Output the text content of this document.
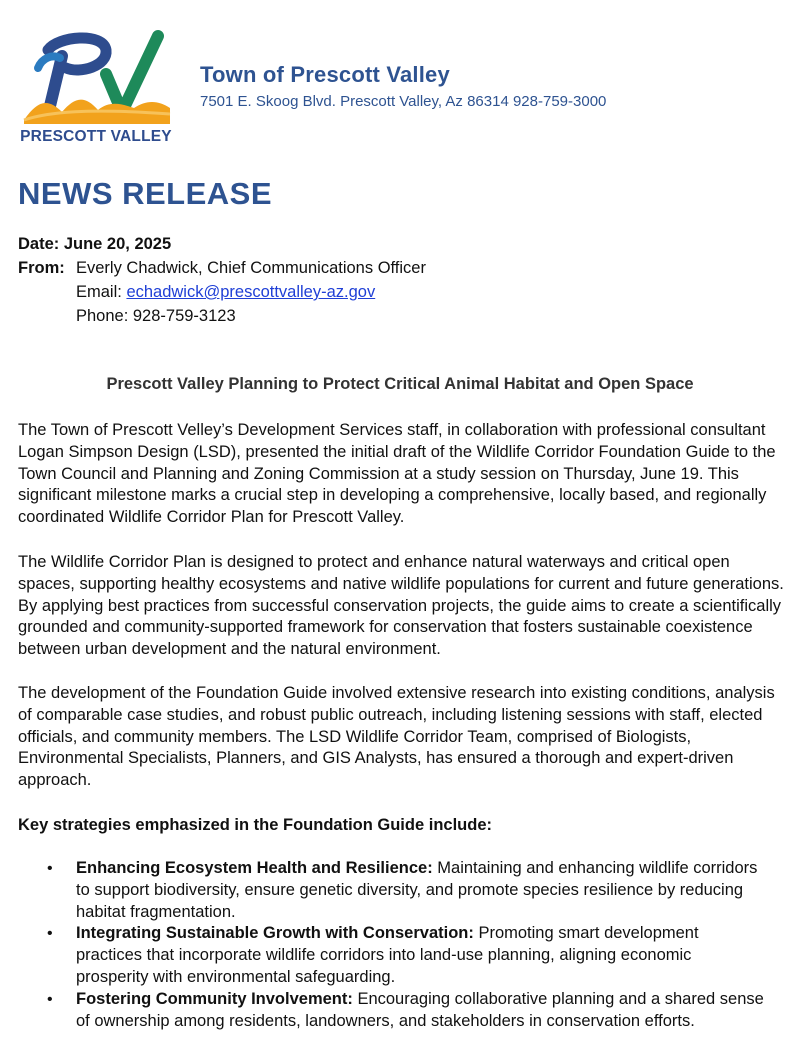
PRESCOTT VALLEY
Town of Prescott Valley
7501 E. Skoog Blvd. Prescott Valley, Az 86314 928-759-3000
NEWS RELEASE
Date: June 20, 2025
From: Everly Chadwick, Chief Communications Officer
Email: echadwick@prescottvalley-az.gov
Phone: 928-759-3123
Prescott Valley Planning to Protect Critical Animal Habitat and Open Space

The Town of Prescott Velley’s Development Services staff, in collaboration with professional consultant Logan Simpson Design (LSD), presented the initial draft of the Wildlife Corridor Foundation Guide to the Town Council and Planning and Zoning Commission at a study session on Thursday, June 19. This significant milestone marks a crucial step in developing a comprehensive, locally based, and regionally coordinated Wildlife Corridor Plan for Prescott Valley.

The Wildlife Corridor Plan is designed to protect and enhance natural waterways and critical open spaces, supporting healthy ecosystems and native wildlife populations for current and future generations. By applying best practices from successful conservation projects, the guide aims to create a scientifically grounded and community-supported framework for conservation that fosters sustainable coexistence between urban development and the natural environment.

The development of the Foundation Guide involved extensive research into existing conditions, analysis of comparable case studies, and robust public outreach, including listening sessions with staff, elected officials, and community members. The LSD Wildlife Corridor Team, comprised of Biologists, Environmental Specialists, Planners, and GIS Analysts, has ensured a thorough and expert-driven approach.

Key strategies emphasized in the Foundation Guide include:
• Enhancing Ecosystem Health and Resilience: Maintaining and enhancing wildlife corridors to support biodiversity, ensure genetic diversity, and promote species resilience by reducing habitat fragmentation.
• Integrating Sustainable Growth with Conservation: Promoting smart development practices that incorporate wildlife corridors into land-use planning, aligning economic prosperity with environmental safeguarding.
• Fostering Community Involvement: Encouraging collaborative planning and a shared sense of ownership among residents, landowners, and stakeholders in conservation efforts.
